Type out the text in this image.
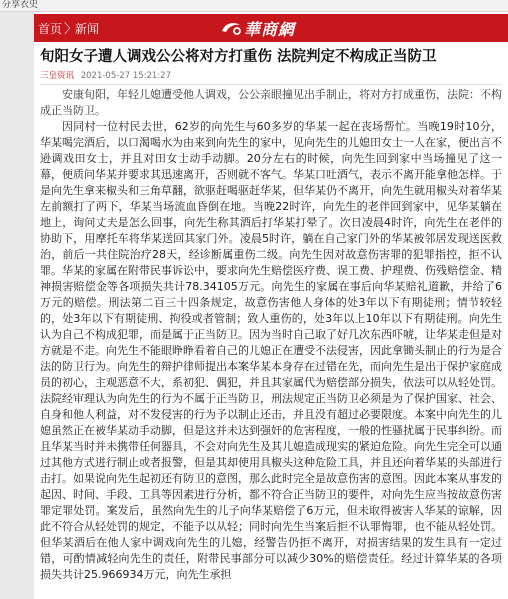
分享衣史
首页 〉
新闻	華商網
旬阳女子遭人调戏公公将对方打重伤 法院判定不构成正当防卫
三皇资讯 2021-05-27 15:21:27

安康旬阳，年轻儿媳遭受他人调戏，公公亲眼撞见出手制止，将对方打成重伤，法院：不构成正当防卫。

因同村一位村民去世，62岁的向先生与60多岁的华某一起在丧场帮忙。当晚19时10分，华某喝完酒后，以口渴喝水为由来到向先生的家中，见向先生的儿媳田女士一人在家，便出言不逊调戏田女士，并且对田女士动手动脚。20分左右的时候，向先生回到家中当场撞见了这一幕，便质问华某并要求其迅速离开，否则就不客气。华某口吐酒气，表示不离开能拿他怎样。于是向先生拿来椒头和三角草翻，欲驱赶喝驱赶华某，但华某仍不离开，向先生就用椒头对着华某左前额打了两下，华某当场流血昏倒在地。当晚22时许，向先生的老伴回到家中，见华某躺在地上，询问丈夫是怎么回事，向先生称其酒后打华某打晕了。次日凌晨4时许，向先生在老伴的协助下，用摩托车将华某送回其家门外。凌晨5时许，躺在自己家门外的华某被邻居发现送医救治，前后一共住院治疗28天，经诊断属重伤二级。向先生因对故意伤害罪的犯罪指控，拒不认罪。华某的家属在附带民事诉讼中，要求向先生赔偿医疗费、误工费、护理费、伤残赔偿金、精神损害赔偿金等各项损失共计78.34105万元。向先生的家属在事后向华某赔礼道歉，并给了6万元的赔偿。刑法第二百三十四条规定，故意伤害他人身体的处3年以下有期徒刑；情节较轻的，处3年以下有期徒刑、拘役或者管制；致人重伤的，处3年以上10年以下有期徒刑。向先生认为自己不构成犯罪，而是属于正当防卫。因为当时自己取了好几次东西吓唬，让华某走但是对方就是不走。向先生不能眼睁睁看着自己的儿媳正在遭受不法侵害，因此拿锄头制止的行为是合法的防卫行为。向先生的辩护律师提出本案华某本身存在过错在先，而向先生是出于保护家庭成员的初心，主观恶意不大，系初犯、偶犯，并且其家属代为赔偿部分损失，依法可以从轻处罚。法院经审理认为向先生的行为不属于正当防卫，刑法规定正当防卫必须是为了保护国家、社会、自身和他人利益，对不发侵害的行为予以制止还击，并且没有超过必要限度。本案中向先生的儿媳虽然正在被华某动手动脚，但是这并未达到强奸的危害程度，一般的性骚扰属于民事纠纷。而且华某当时并未携带任何器具，不会对向先生及其儿媳造成现实的紧迫危险。向先生完全可以通过其他方式进行制止或者报警，但是其却使用具椒头这种危险工具，并且还向着华某的头部进行击打。如果说向先生起初还有防卫的意图，那么此时完全是故意伤害的意图。因此本案从事发的起因、时间、手段、工具等因素进行分析，都不符合正当防卫的要件，对向先生应当按故意伤害罪定罪处罚。案发后，虽然向先生的儿子向华某赔偿了6万元，但未取得被害人华某的谅解，因此不符合从轻处罚的规定，不能予以从轻；同时向先生当案后拒不认罪悔罪，也不能从轻处罚。但华某酒后在他人家中调戏向先生的儿媳，经警告仍拒不离开，对损害结果的发生具有一定过错，可酌情减轻向先生的责任，附带民事部分可以减少30%的赔偿责任。经过计算华某的各项损失共计25.966934万元，向先生承担
